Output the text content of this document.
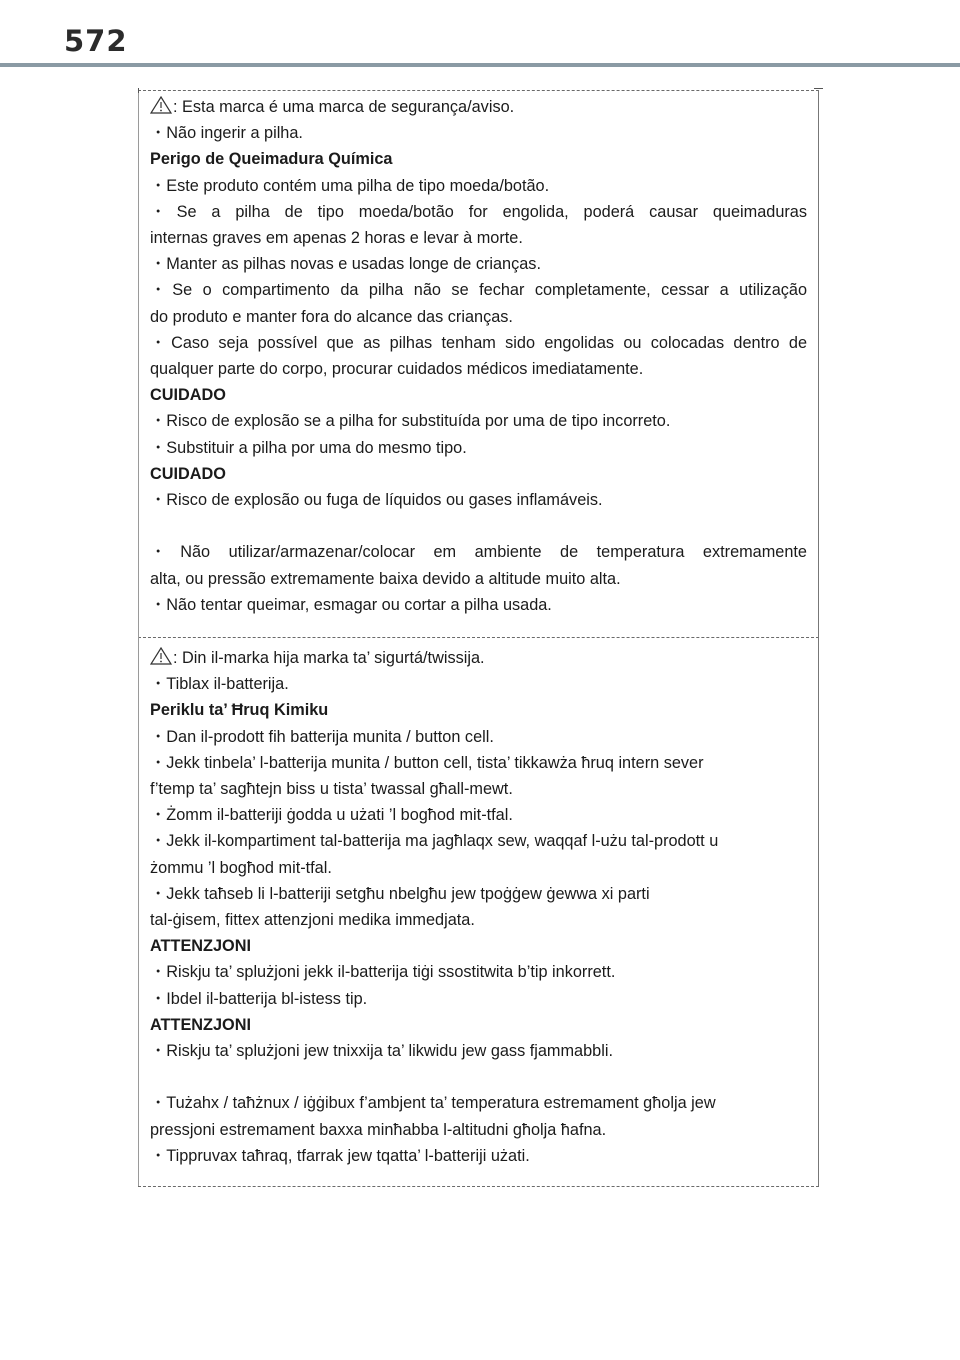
572
: Esta marca é uma marca de segurança/aviso.
・Não ingerir a pilha.
Perigo de Queimadura Química
・Este produto contém uma pilha de tipo moeda/botão.
・Se a pilha de tipo moeda/botão for engolida, poderá causar queimaduras
internas graves em apenas 2 horas e levar à morte.
・Manter as pilhas novas e usadas longe de crianças.
・Se o compartimento da pilha não se fechar completamente, cessar a utilização
do produto e manter fora do alcance das crianças.
・Caso seja possível que as pilhas tenham sido engolidas ou colocadas dentro de
qualquer parte do corpo, procurar cuidados médicos imediatamente.
CUIDADO
・Risco de explosão se a pilha for substituída por uma de tipo incorreto.
・Substituir a pilha por uma do mesmo tipo.
CUIDADO
・Risco de explosão ou fuga de líquidos ou gases inflamáveis.
・Não utilizar/armazenar/colocar em ambiente de temperatura extremamente
alta, ou pressão extremamente baixa devido a altitude muito alta.
・Não tentar queimar, esmagar ou cortar a pilha usada.
: Din il-marka hija marka ta’ sigurtá/twissija.
・Tiblax il-batterija.
Periklu ta’ Ħruq Kimiku
・Dan il-prodott fih batterija munita / button cell.
・Jekk tinbela’ l-batterija munita / button cell, tista’ tikkawża ħruq intern sever
f’temp ta’ sagħtejn biss u tista’ twassal għall-mewt.
・Żomm il-batteriji ġodda u użati ’l bogħod mit-tfal.
・Jekk il-kompartiment tal-batterija ma jagħlaqx sew, waqqaf l-użu tal-prodott u
żommu ’l bogħod mit-tfal.
・Jekk taħseb li l-batteriji setgħu nbelgħu jew tpoġġew ġewwa xi parti
tal-ġisem, fittex attenzjoni medika immedjata.
ATTENZJONI
・Riskju ta’ splużjoni jekk il-batterija tiġi ssostitwita b’tip inkorrett.
・Ibdel il-batterija bl-istess tip.
ATTENZJONI
・Riskju ta’ splużjoni jew tnixxija ta’ likwidu jew gass fjammabbli.
・Tużahx / taħżnux / iġġibux f’ambjent ta’ temperatura estremament għolja jew
pressjoni estremament baxxa minħabba l-altitudni għolja ħafna.
・Tippruvax taħraq, tfarrak jew tqatta’ l-batteriji użati.
